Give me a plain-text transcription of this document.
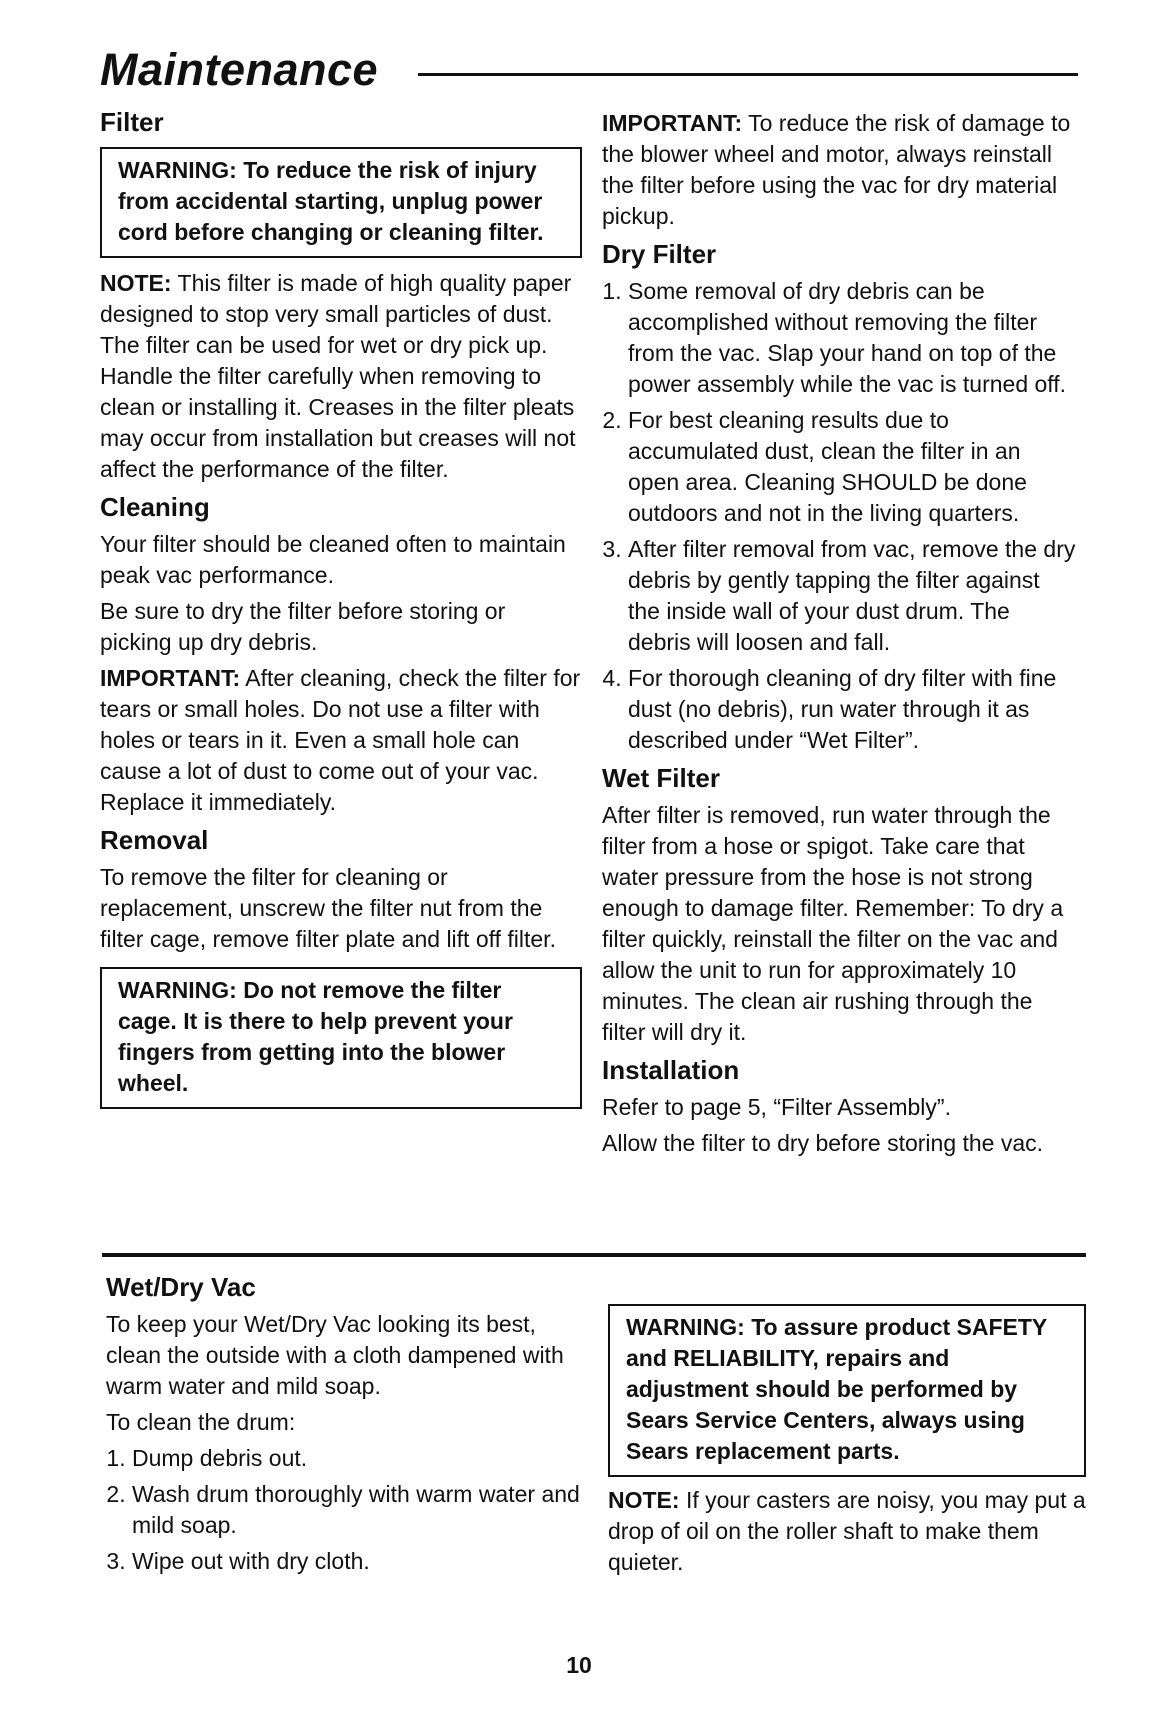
Maintenance
Filter
WARNING: To reduce the risk of injury from accidental starting, unplug power cord before changing or cleaning filter.

NOTE: This filter is made of high quality paper designed to stop very small particles of dust. The filter can be used for wet or dry pick up. Handle the filter carefully when removing to clean or installing it. Creases in the filter pleats may occur from installation but creases will not affect the performance of the filter.

Cleaning

Your filter should be cleaned often to maintain peak vac performance.

Be sure to dry the filter before storing or picking up dry debris.

IMPORTANT: After cleaning, check the filter for tears or small holes. Do not use a filter with holes or tears in it. Even a small hole can cause a lot of dust to come out of your vac. Replace it immediately.

Removal

To remove the filter for cleaning or replacement, unscrew the filter nut from the filter cage, remove filter plate and lift off filter.

WARNING: Do not remove the filter cage. It is there to help prevent your fingers from getting into the blower wheel.

IMPORTANT: To reduce the risk of damage to the blower wheel and motor, always reinstall the filter before using the vac for dry material pickup.

Dry Filter
1. Some removal of dry debris can be accomplished without removing the filter from the vac. Slap your hand on top of the power assembly while the vac is turned off.
2. For best cleaning results due to accumulated dust, clean the filter in an open area. Cleaning SHOULD be done outdoors and not in the living quarters.
3. After filter removal from vac, remove the dry debris by gently tapping the filter against the inside wall of your dust drum. The debris will loosen and fall.
4. For thorough cleaning of dry filter with fine dust (no debris), run water through it as described under “Wet Filter”.
Wet Filter

After filter is removed, run water through the filter from a hose or spigot. Take care that water pressure from the hose is not strong enough to damage filter. Remember: To dry a filter quickly, reinstall the filter on the vac and allow the unit to run for approximately 10 minutes. The clean air rushing through the filter will dry it.

Installation

Refer to page 5, “Filter Assembly”.

Allow the filter to dry before storing the vac.

Wet/Dry Vac

To keep your Wet/Dry Vac looking its best, clean the outside with a cloth dampened with warm water and mild soap.

To clean the drum:

1. Dump debris out.
2. Wash drum thoroughly with warm water and mild soap.
3. Wipe out with dry cloth.
WARNING: To assure product SAFETY and RELIABILITY, repairs and adjustment should be performed by Sears Service Centers, always using Sears replacement parts.

NOTE: If your casters are noisy, you may put a drop of oil on the roller shaft to make them quieter.

10
